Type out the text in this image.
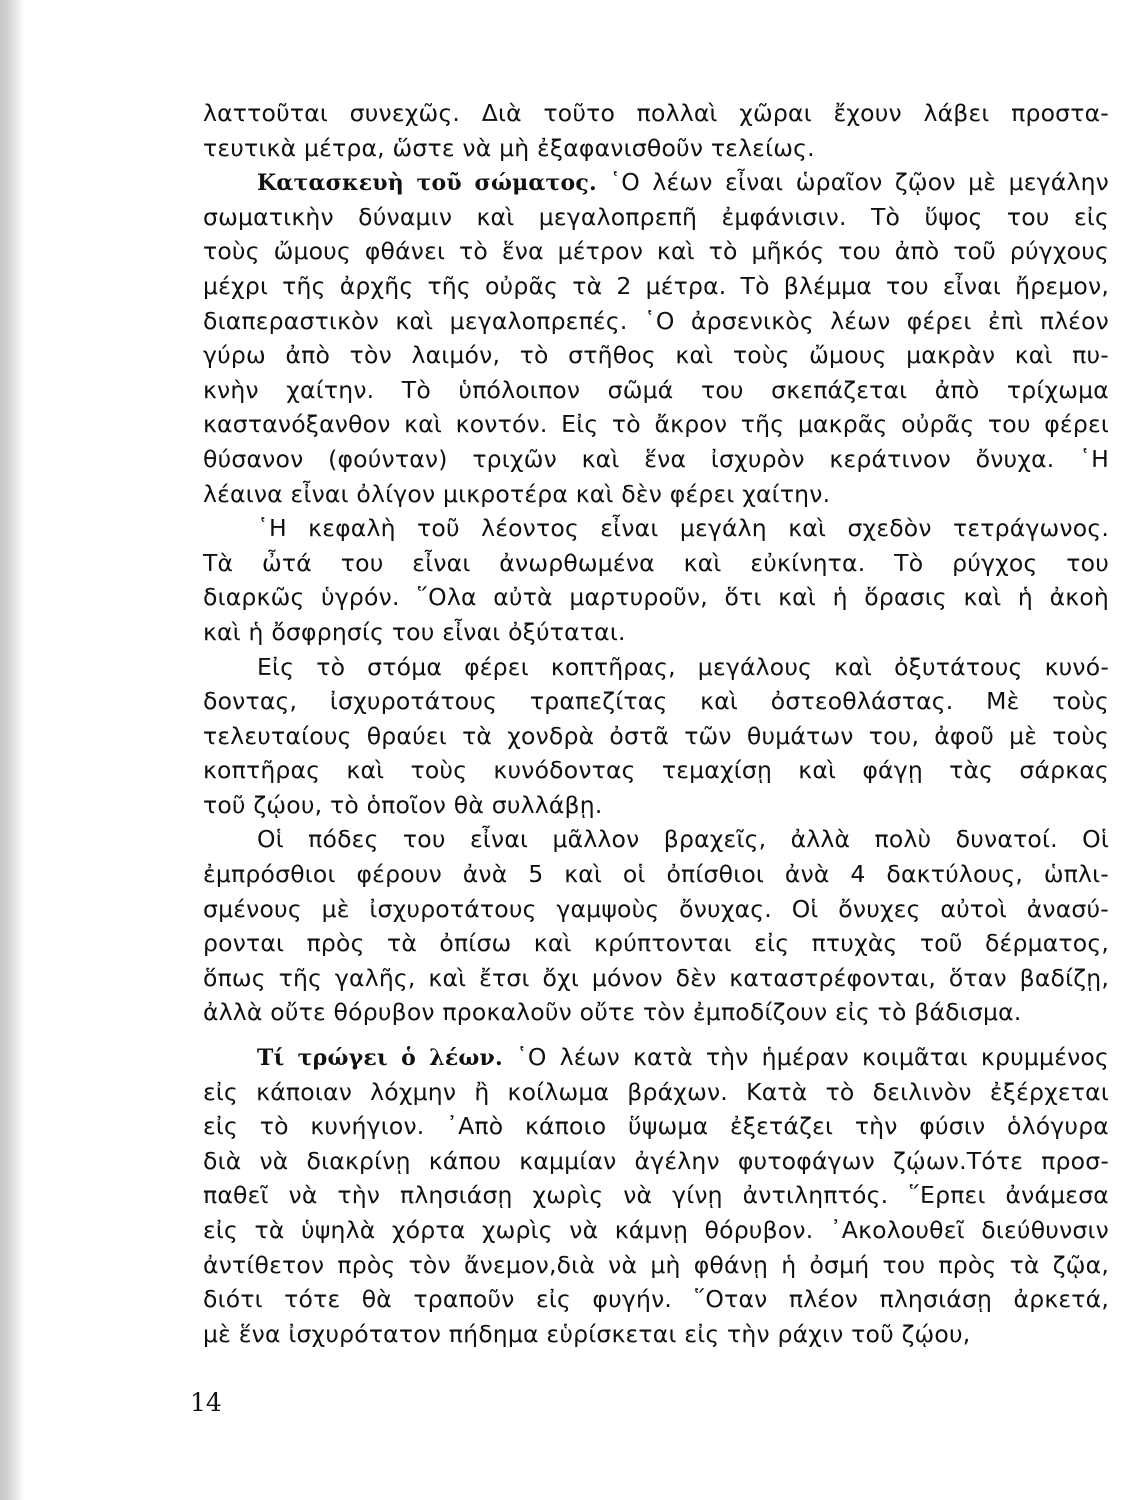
λαττοῦται συνεχῶς. Διὰ τοῦτο πολλαὶ χῶραι ἔχουν λάβει προστα-
τευτικὰ μέτρα, ὥστε νὰ μὴ ἐξαφανισθοῦν τελείως.
Κατασκευὴ τοῦ σώματος. ῾Ο λέων εἶναι ὡραῖον ζῷον μὲ μεγάλην
σωματικὴν δύναμιν καὶ μεγαλοπρεπῆ ἐμφάνισιν. Τὸ ὕψος του εἰς
τοὺς ὤμους φθάνει τὸ ἕνα μέτρον καὶ τὸ μῆκός του ἀπὸ τοῦ ρύγχους
μέχρι τῆς ἀρχῆς τῆς οὐρᾶς τὰ 2 μέτρα. Τὸ βλέμμα του εἶναι ἤρεμον,
διαπεραστικὸν καὶ μεγαλοπρεπές. ῾Ο ἀρσενικὸς λέων φέρει ἐπὶ πλέον
γύρω ἀπὸ τὸν λαιμόν, τὸ στῆθος καὶ τοὺς ὤμους μακρὰν καὶ πυ-
κνὴν χαίτην. Τὸ ὑπόλοιπον σῶμά του σκεπάζεται ἀπὸ τρίχωμα
καστανόξανθον καὶ κοντόν. Εἰς τὸ ἄκρον τῆς μακρᾶς οὐρᾶς του φέρει
θύσανον (φούνταν) τριχῶν καὶ ἕνα ἰσχυρὸν κεράτινον ὄνυχα. ῾Η
λέαινα εἶναι ὀλίγον μικροτέρα καὶ δὲν φέρει χαίτην.
῾Η κεφαλὴ τοῦ λέοντος εἶναι μεγάλη καὶ σχεδὸν τετράγωνος.
Τὰ ὦτά του εἶναι ἀνωρθωμένα καὶ εὐκίνητα. Τὸ ρύγχος του
διαρκῶς ὑγρόν. ῞Ολα αὐτὰ μαρτυροῦν, ὅτι καὶ ἡ ὅρασις καὶ ἡ ἀκοὴ
καὶ ἡ ὄσφρησίς του εἶναι ὀξύταται.
Εἰς τὸ στόμα φέρει κοπτῆρας, μεγάλους καὶ ὀξυτάτους κυνό-
δοντας, ἰσχυροτάτους τραπεζίτας καὶ ὀστεοθλάστας. Μὲ τοὺς
τελευταίους θραύει τὰ χονδρὰ ὀστᾶ τῶν θυμάτων του, ἀφοῦ μὲ τοὺς
κοπτῆρας καὶ τοὺς κυνόδοντας τεμαχίσῃ καὶ φάγῃ τὰς σάρκας
τοῦ ζῴου, τὸ ὁποῖον θὰ συλλάβῃ.
Οἱ πόδες του εἶναι μᾶλλον βραχεῖς, ἀλλὰ πολὺ δυνατοί. Οἱ
ἐμπρόσθιοι φέρουν ἀνὰ 5 καὶ οἱ ὀπίσθιοι ἀνὰ 4 δακτύλους, ὡπλι-
σμένους μὲ ἰσχυροτάτους γαμψοὺς ὄνυχας. Οἱ ὄνυχες αὐτοὶ ἀνασύ-
ρονται πρὸς τὰ ὀπίσω καὶ κρύπτονται εἰς πτυχὰς τοῦ δέρματος,
ὅπως τῆς γαλῆς, καὶ ἔτσι ὄχι μόνον δὲν καταστρέφονται, ὅταν βαδίζῃ,
ἀλλὰ οὔτε θόρυβον προκαλοῦν οὔτε τὸν ἐμποδίζουν εἰς τὸ βάδισμα.
Τί τρώγει ὁ λέων. ῾Ο λέων κατὰ τὴν ἡμέραν κοιμᾶται κρυμμένος
εἰς κάποιαν λόχμην ἢ κοίλωμα βράχων. Κατὰ τὸ δειλινὸν ἐξέρχεται
εἰς τὸ κυνήγιον. ᾿Απὸ κάποιο ὕψωμα ἐξετάζει τὴν φύσιν ὁλόγυρα
διὰ νὰ διακρίνῃ κάπου καμμίαν ἀγέλην φυτοφάγων ζῴων.Τότε προσ-
παθεῖ νὰ τὴν πλησιάσῃ χωρὶς νὰ γίνῃ ἀντιληπτός. ῞Ερπει ἀνάμεσα
εἰς τὰ ὑψηλὰ χόρτα χωρὶς νὰ κάμνῃ θόρυβον. ᾿Ακολουθεῖ διεύθυνσιν
ἀντίθετον πρὸς τὸν ἄνεμον,διὰ νὰ μὴ φθάνῃ ἡ ὀσμή του πρὸς τὰ ζῷα,
διότι τότε θὰ τραποῦν εἰς φυγήν. ῞Οταν πλέον πλησιάσῃ ἀρκετά,
μὲ ἕνα ἰσχυρότατον πήδημα εὑρίσκεται εἰς τὴν ράχιν τοῦ ζῴου,
14
